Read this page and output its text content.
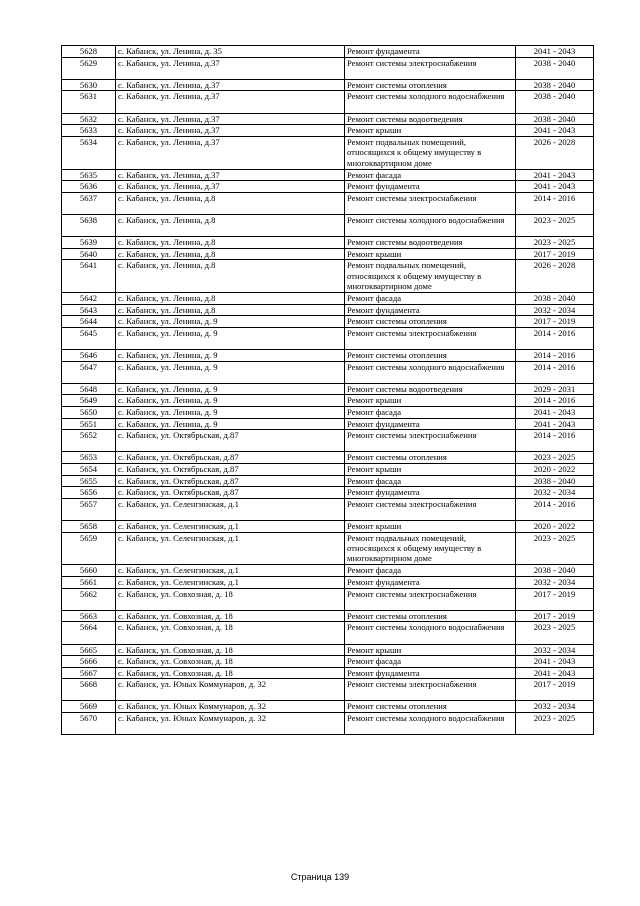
5628	с. Кабанск, ул. Ленина, д. 35	Ремонт фундамента	2041 - 2043
5629	с. Кабанск, ул. Ленина, д.37	Ремонт системы электроснабжения	2038 - 2040
5630	с. Кабанск, ул. Ленина, д.37	Ремонт системы отопления	2038 - 2040
5631	с. Кабанск, ул. Ленина, д.37	Ремонт системы холодного водоснабжения	2038 - 2040
5632	с. Кабанск, ул. Ленина, д.37	Ремонт системы водоотведения	2038 - 2040
5633	с. Кабанск, ул. Ленина, д.37	Ремонт крыши	2041 - 2043
5634	с. Кабанск, ул. Ленина, д.37	Ремонт подвальных помещений, относящихся к общему имуществу в многоквартирном доме	2026 - 2028
5635	с. Кабанск, ул. Ленина, д.37	Ремонт фасада	2041 - 2043
5636	с. Кабанск, ул. Ленина, д.37	Ремонт фундамента	2041 - 2043
5637	с. Кабанск, ул. Ленина, д.8	Ремонт системы электроснабжения	2014 - 2016
5638	с. Кабанск, ул. Ленина, д.8	Ремонт системы холодного водоснабжения	2023 - 2025
5639	с. Кабанск, ул. Ленина, д.8	Ремонт системы водоотведения	2023 - 2025
5640	с. Кабанск, ул. Ленина, д.8	Ремонт крыши	2017 - 2019
5641	с. Кабанск, ул. Ленина, д.8	Ремонт подвальных помещений, относящихся к общему имуществу в многоквартирном доме	2026 - 2028
5642	с. Кабанск, ул. Ленина, д.8	Ремонт фасада	2038 - 2040
5643	с. Кабанск, ул. Ленина, д.8	Ремонт фундамента	2032 - 2034
5644	с. Кабанск, ул. Ленина, д. 9	Ремонт системы отопления	2017 - 2019
5645	с. Кабанск, ул. Ленина, д. 9	Ремонт системы электроснабжения	2014 - 2016
5646	с. Кабанск, ул. Ленина, д. 9	Ремонт системы отопления	2014 - 2016
5647	с. Кабанск, ул. Ленина, д. 9	Ремонт системы холодного водоснабжения	2014 - 2016
5648	с. Кабанск, ул. Ленина, д. 9	Ремонт системы водоотведения	2029 - 2031
5649	с. Кабанск, ул. Ленина, д. 9	Ремонт крыши	2014 - 2016
5650	с. Кабанск, ул. Ленина, д. 9	Ремонт фасада	2041 - 2043
5651	с. Кабанск, ул. Ленина, д. 9	Ремонт фундамента	2041 - 2043
5652	с. Кабанск, ул. Октябрьская, д.87	Ремонт системы электроснабжения	2014 - 2016
5653	с. Кабанск, ул. Октябрьская, д.87	Ремонт системы отопления	2023 - 2025
5654	с. Кабанск, ул. Октябрьская, д.87	Ремонт крыши	2020 - 2022
5655	с. Кабанск, ул. Октябрьская, д.87	Ремонт фасада	2038 - 2040
5656	с. Кабанск, ул. Октябрьская, д.87	Ремонт фундамента	2032 - 2034
5657	с. Кабанск, ул. Селенгинская, д.1	Ремонт системы электроснабжения	2014 - 2016
5658	с. Кабанск, ул. Селенгинская, д.1	Ремонт крыши	2020 - 2022
5659	с. Кабанск, ул. Селенгинская, д.1	Ремонт подвальных помещений, относящихся к общему имуществу в многоквартирном доме	2023 - 2025
5660	с. Кабанск, ул. Селенгинская, д.1	Ремонт фасада	2038 - 2040
5661	с. Кабанск, ул. Селенгинская, д.1	Ремонт фундамента	2032 - 2034
5662	с. Кабанск, ул. Совхозная, д. 18	Ремонт системы электроснабжения	2017 - 2019
5663	с. Кабанск, ул. Совхозная, д. 18	Ремонт системы отопления	2017 - 2019
5664	с. Кабанск, ул. Совхозная, д. 18	Ремонт системы холодного водоснабжения	2023 - 2025
5665	с. Кабанск, ул. Совхозная, д. 18	Ремонт крыши	2032 - 2034
5666	с. Кабанск, ул. Совхозная, д. 18	Ремонт фасада	2041 - 2043
5667	с. Кабанск, ул. Совхозная, д. 18	Ремонт фундамента	2041 - 2043
5668	с. Кабанск, ул. Юных Коммунаров, д. 32	Ремонт системы электроснабжения	2017 - 2019
5669	с. Кабанск, ул. Юных Коммунаров, д. 32	Ремонт системы отопления	2032 - 2034
5670	с. Кабанск, ул. Юных Коммунаров, д. 32	Ремонт системы холодного водоснабжения	2023 - 2025
Страница 139
